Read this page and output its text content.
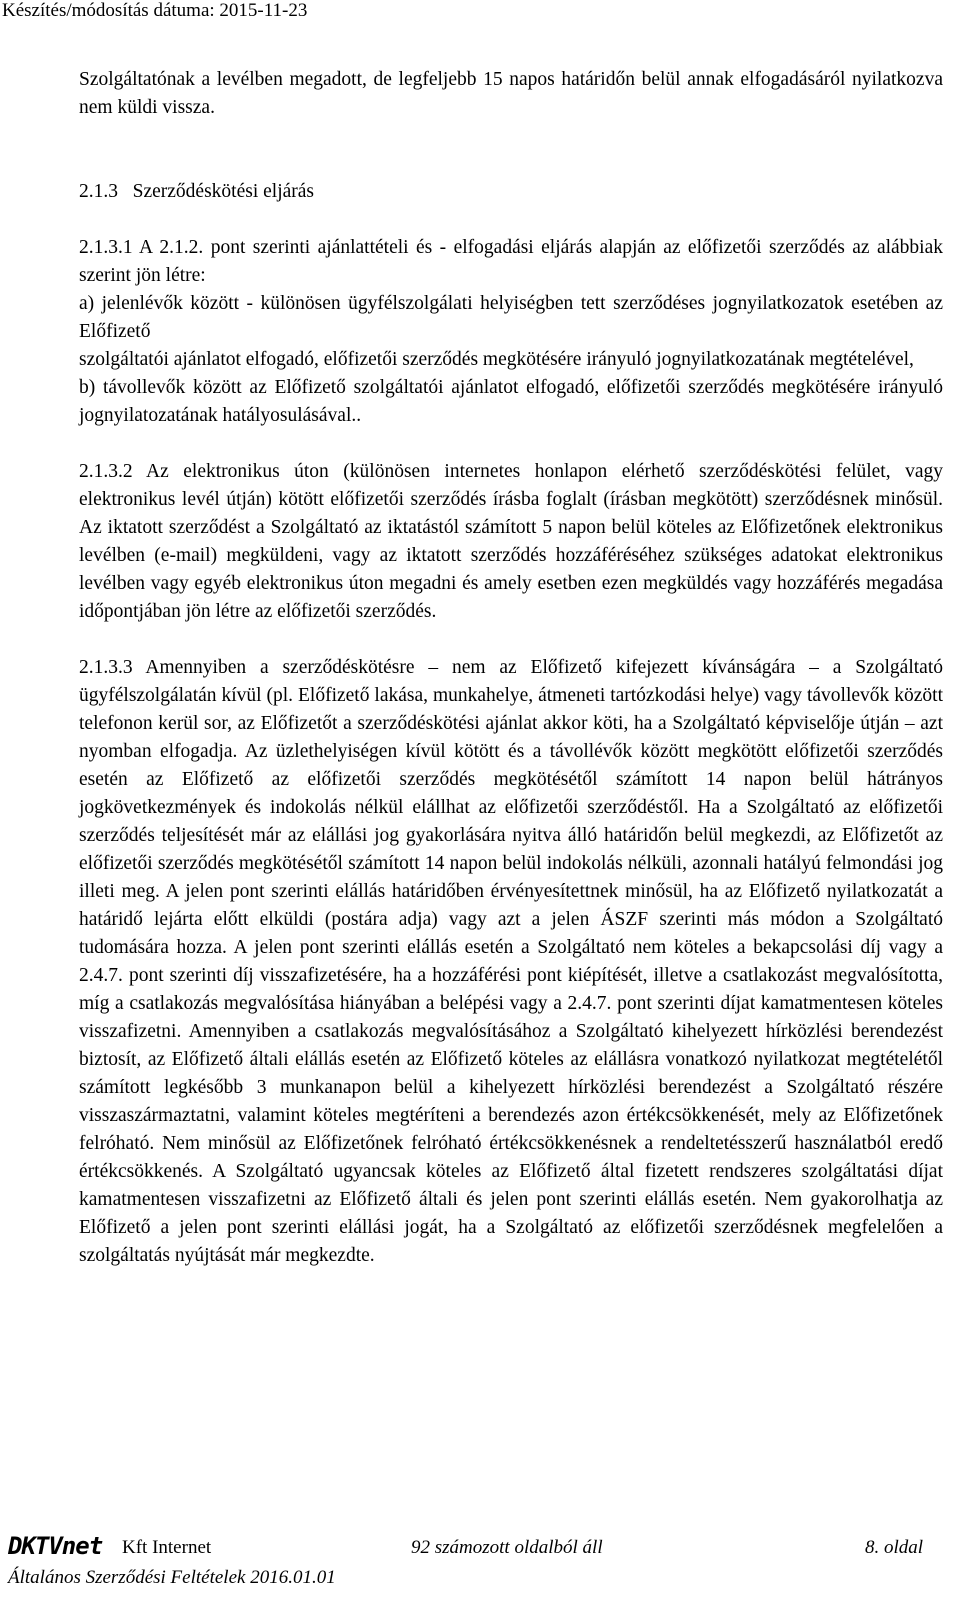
Készítés/módosítás dátuma: 2015-11-23

Szolgáltatónak a levélben megadott, de legfeljebb 15 napos határidőn belül annak elfogadásáról nyilatkozva nem küldi vissza.

2.1.3   Szerződéskötési eljárás

2.1.3.1 A 2.1.2. pont szerinti ajánlattételi és - elfogadási eljárás alapján az előfizetői szerződés az alábbiak szerint jön létre:

a) jelenlévők között - különösen ügyfélszolgálati helyiségben tett szerződéses jognyilatkozatok esetében az Előfizető

szolgáltatói ajánlatot elfogadó, előfizetői szerződés megkötésére irányuló jognyilatkozatának megtételével,

b) távollevők között az Előfizető szolgáltatói ajánlatot elfogadó, előfizetői szerződés megkötésére irányuló jognyilatozatának hatályosulásával..

2.1.3.2 Az elektronikus úton (különösen internetes honlapon elérhető szerződéskötési felület, vagy elektronikus levél útján) kötött előfizetői szerződés írásba foglalt (írásban megkötött) szerződésnek minősül. Az iktatott szerződést a Szolgáltató az iktatástól számított 5 napon belül köteles az Előfizetőnek elektronikus levélben (e-mail) megküldeni, vagy az iktatott szerződés hozzáféréséhez szükséges adatokat elektronikus levélben vagy egyéb elektronikus úton megadni és amely esetben ezen megküldés vagy hozzáférés megadása időpontjában jön létre az előfizetői szerződés.

2.1.3.3 Amennyiben a szerződéskötésre – nem az Előfizető kifejezett kívánságára – a Szolgáltató ügyfélszolgálatán kívül (pl. Előfizető lakása, munkahelye, átmeneti tartózkodási helye) vagy távollevők között telefonon kerül sor, az Előfizetőt a szerződéskötési ajánlat akkor köti, ha a Szolgáltató képviselője útján – azt nyomban elfogadja. Az üzlethelyiségen kívül kötött és a távollévők között megkötött előfizetői szerződés esetén az Előfizető az előfizetői szerződés megkötésétől számított 14 napon belül hátrányos jogkövetkezmények és indokolás nélkül elállhat az előfizetői szerződéstől. Ha a Szolgáltató az előfizetői szerződés teljesítését már az elállási jog gyakorlására nyitva álló határidőn belül megkezdi, az Előfizetőt az előfizetői szerződés megkötésétől számított 14 napon belül indokolás nélküli, azonnali hatályú felmondási jog illeti meg. A jelen pont szerinti elállás határidőben érvényesítettnek minősül, ha az Előfizető nyilatkozatát a határidő lejárta előtt elküldi (postára adja) vagy azt a jelen ÁSZF szerinti más módon a Szolgáltató tudomására hozza. A jelen pont szerinti elállás esetén a Szolgáltató nem köteles a bekapcsolási díj vagy a 2.4.7. pont szerinti díj visszafizetésére, ha a hozzáférési pont kiépítését, illetve a csatlakozást megvalósította, míg a csatlakozás megvalósítása hiányában a belépési vagy a 2.4.7. pont szerinti díjat kamatmentesen köteles visszafizetni. Amennyiben a csatlakozás megvalósításához a Szolgáltató kihelyezett hírközlési berendezést biztosít, az Előfizető általi elállás esetén az Előfizető köteles az elállásra vonatkozó nyilatkozat megtételétől számított legkésőbb 3 munkanapon belül a kihelyezett hírközlési berendezést a Szolgáltató részére visszaszármaztatni, valamint köteles megtéríteni a berendezés azon értékcsökkenését, mely az Előfizetőnek felróható. Nem minősül az Előfizetőnek felróható értékcsökkenésnek a rendeltetésszerű használatból eredő értékcsökkenés. A Szolgáltató ugyancsak köteles az Előfizető által fizetett rendszeres szolgáltatási díjat kamatmentesen visszafizetni az Előfizető általi és jelen pont szerinti elállás esetén. Nem gyakorolhatja az Előfizető a jelen pont szerinti elállási jogát, ha a Szolgáltató az előfizetői szerződésnek megfelelően a szolgáltatás nyújtását már megkezdte.

DKTVnet Kft Internet	92 számozott oldalból áll	8. oldal
Általános Szerződési Feltételek 2016.01.01
